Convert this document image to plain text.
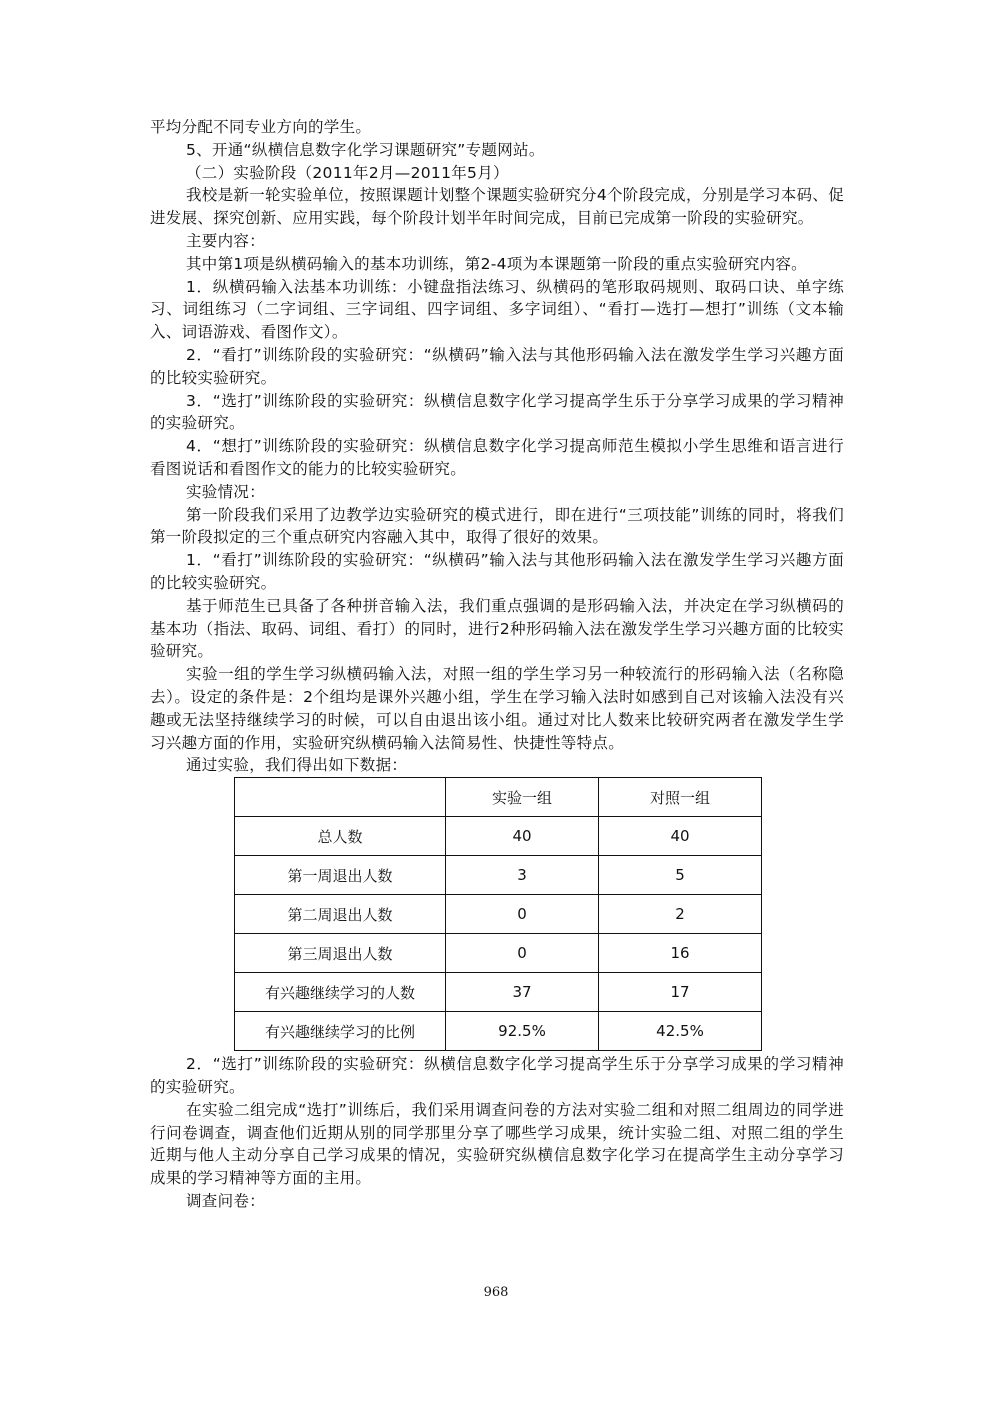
平均分配不同专业方向的学生。

5、开通“纵横信息数字化学习课题研究”专题网站。

（二）实验阶段（2011年2月—2011年5月）

我校是新一轮实验单位，按照课题计划整个课题实验研究分4个阶段完成，分别是学习本码、促进发展、探究创新、应用实践，每个阶段计划半年时间完成，目前已完成第一阶段的实验研究。

主要内容：

其中第1项是纵横码输入的基本功训练，第2-4项为本课题第一阶段的重点实验研究内容。

1．纵横码输入法基本功训练：小键盘指法练习、纵横码的笔形取码规则、取码口诀、单字练习、词组练习（二字词组、三字词组、四字词组、多字词组）、“看打—选打—想打”训练（文本输入、词语游戏、看图作文）。

2．“看打”训练阶段的实验研究：“纵横码”输入法与其他形码输入法在激发学生学习兴趣方面的比较实验研究。

3．“选打”训练阶段的实验研究：纵横信息数字化学习提高学生乐于分享学习成果的学习精神的实验研究。

4．“想打”训练阶段的实验研究：纵横信息数字化学习提高师范生模拟小学生思维和语言进行看图说话和看图作文的能力的比较实验研究。

实验情况：

第一阶段我们采用了边教学边实验研究的模式进行，即在进行“三项技能”训练的同时，将我们第一阶段拟定的三个重点研究内容融入其中，取得了很好的效果。

1．“看打”训练阶段的实验研究：“纵横码”输入法与其他形码输入法在激发学生学习兴趣方面的比较实验研究。

基于师范生已具备了各种拼音输入法，我们重点强调的是形码输入法，并决定在学习纵横码的基本功（指法、取码、词组、看打）的同时，进行2种形码输入法在激发学生学习兴趣方面的比较实验研究。

实验一组的学生学习纵横码输入法，对照一组的学生学习另一种较流行的形码输入法（名称隐去）。设定的条件是：2个组均是课外兴趣小组，学生在学习输入法时如感到自己对该输入法没有兴趣或无法坚持继续学习的时候，可以自由退出该小组。通过对比人数来比较研究两者在激发学生学习兴趣方面的作用，实验研究纵横码输入法简易性、快捷性等特点。

通过实验，我们得出如下数据：

	实验一组	对照一组
总人数	40	40
第一周退出人数	3	5
第二周退出人数	0	2
第三周退出人数	0	16
有兴趣继续学习的人数	37	17
有兴趣继续学习的比例	92.5%	42.5%

2．“选打”训练阶段的实验研究：纵横信息数字化学习提高学生乐于分享学习成果的学习精神的实验研究。

在实验二组完成“选打”训练后，我们采用调查问卷的方法对实验二组和对照二组周边的同学进行问卷调查，调查他们近期从别的同学那里分享了哪些学习成果，统计实验二组、对照二组的学生近期与他人主动分享自己学习成果的情况，实验研究纵横信息数字化学习在提高学生主动分享学习成果的学习精神等方面的主用。

调查问卷：

968
